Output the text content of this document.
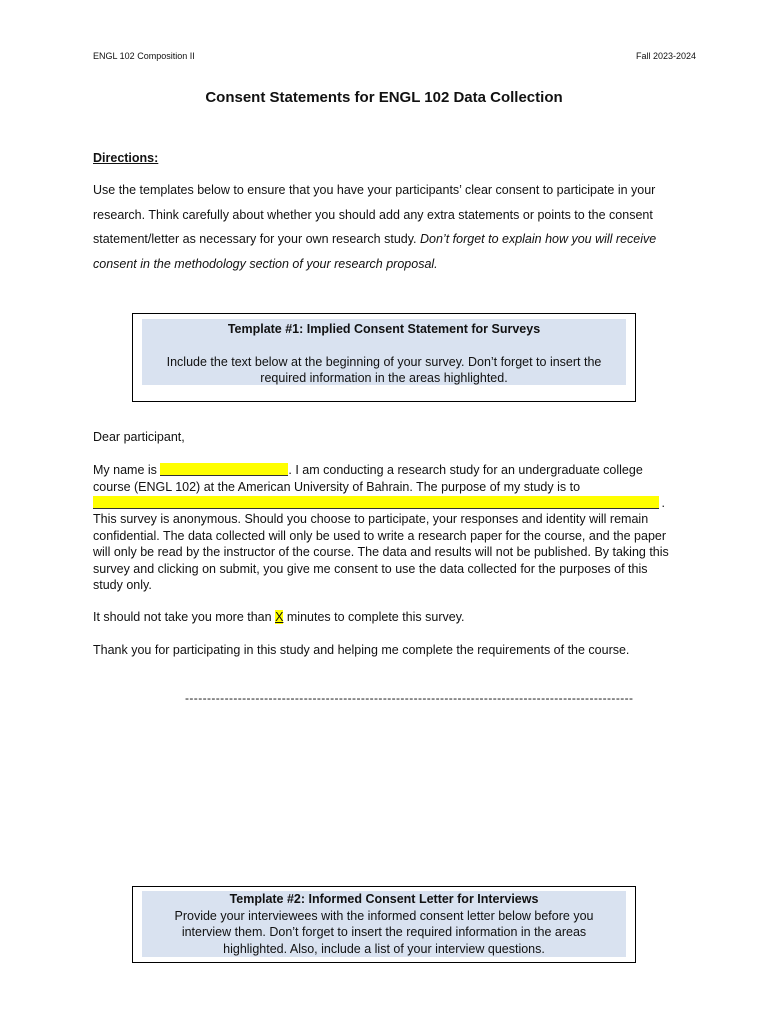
ENGL 102 Composition II	Fall 2023-2024
Consent Statements for ENGL 102 Data Collection
Directions:
Use the templates below to ensure that you have your participants’ clear consent to participate in your research. Think carefully about whether you should add any extra statements or points to the consent statement/letter as necessary for your own research study. Don’t forget to explain how you will receive consent in the methodology section of your research proposal.
Template #1: Implied Consent Statement for Surveys
Include the text below at the beginning of your survey. Don’t forget to insert the required information in the areas highlighted.
Dear participant,
My name is	. I am conducting a research study for an undergraduate college course (ENGL 102) at the American University of Bahrain. The purpose of my study is to
.
This survey is anonymous. Should you choose to participate, your responses and identity will remain confidential. The data collected will only be used to write a research paper for the course, and the paper will only be read by the instructor of the course. The data and results will not be published. By taking this survey and clicking on submit, you give me consent to use the data collected for the purposes of this study only.
It should not take you more than X minutes to complete this survey.
Thank you for participating in this study and helping me complete the requirements of the course.
------------------------------------------------------------------------------------------------------
Template #2: Informed Consent Letter for Interviews
Provide your interviewees with the informed consent letter below before you interview them. Don’t forget to insert the required information in the areas highlighted. Also, include a list of your interview questions.
